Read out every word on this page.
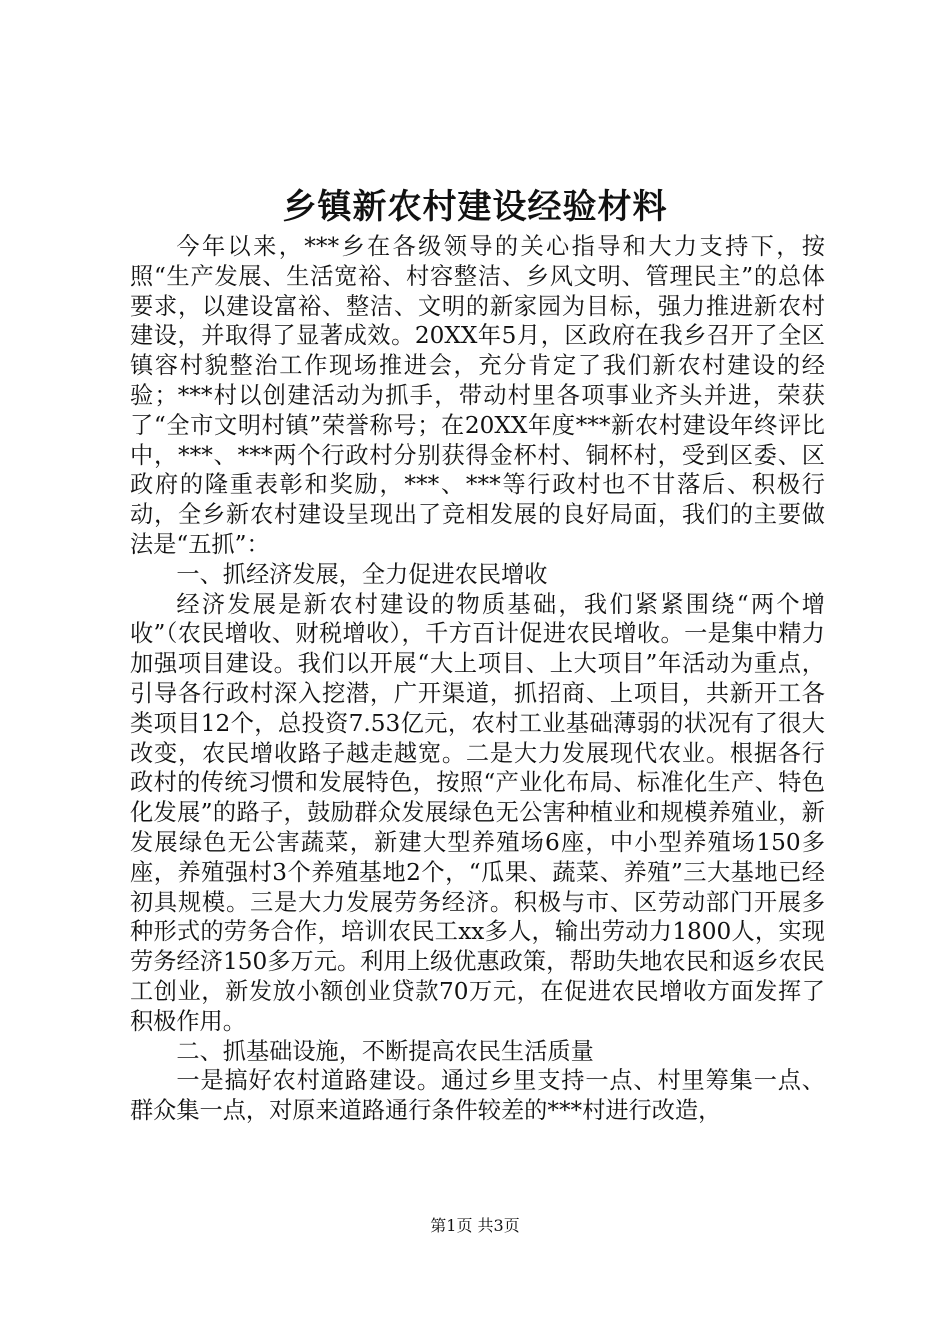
乡镇新农村建设经验材料

今年以来，***乡在各级领导的关心指导和大力支持下，按照“生产发展、生活宽裕、村容整洁、乡风文明、管理民主”的总体要求，以建设富裕、整洁、文明的新家园为目标，强力推进新农村建设，并取得了显著成效。20XX年5月，区政府在我乡召开了全区镇容村貌整治工作现场推进会，充分肯定了我们新农村建设的经验；***村以创建活动为抓手，带动村里各项事业齐头并进，荣获了“全市文明村镇”荣誉称号；在20XX年度***新农村建设年终评比中，***、***两个行政村分别获得金杯村、铜杯村，受到区委、区政府的隆重表彰和奖励，***、***等行政村也不甘落后、积极行动，全乡新农村建设呈现出了竞相发展的良好局面，我们的主要做法是“五抓”：

一、抓经济发展，全力促进农民增收

经济发展是新农村建设的物质基础，我们紧紧围绕“两个增收”（农民增收、财税增收），千方百计促进农民增收。一是集中精力加强项目建设。我们以开展“大上项目、上大项目”年活动为重点，引导各行政村深入挖潜，广开渠道，抓招商、上项目，共新开工各类项目12个，总投资7.53亿元，农村工业基础薄弱的状况有了很大改变，农民增收路子越走越宽。二是大力发展现代农业。根据各行政村的传统习惯和发展特色，按照“产业化布局、标准化生产、特色化发展”的路子，鼓励群众发展绿色无公害种植业和规模养殖业，新发展绿色无公害蔬菜，新建大型养殖场6座，中小型养殖场150多座，养殖强村3个养殖基地2个，“瓜果、蔬菜、养殖”三大基地已经初具规模。三是大力发展劳务经济。积极与市、区劳动部门开展多种形式的劳务合作，培训农民工xx多人，输出劳动力1800人，实现劳务经济150多万元。利用上级优惠政策，帮助失地农民和返乡农民工创业，新发放小额创业贷款70万元，在促进农民增收方面发挥了积极作用。

二、抓基础设施，不断提高农民生活质量

一是搞好农村道路建设。通过乡里支持一点、村里筹集一点、群众集一点，对原来道路通行条件较差的***村进行改造，

第1页 共3页
